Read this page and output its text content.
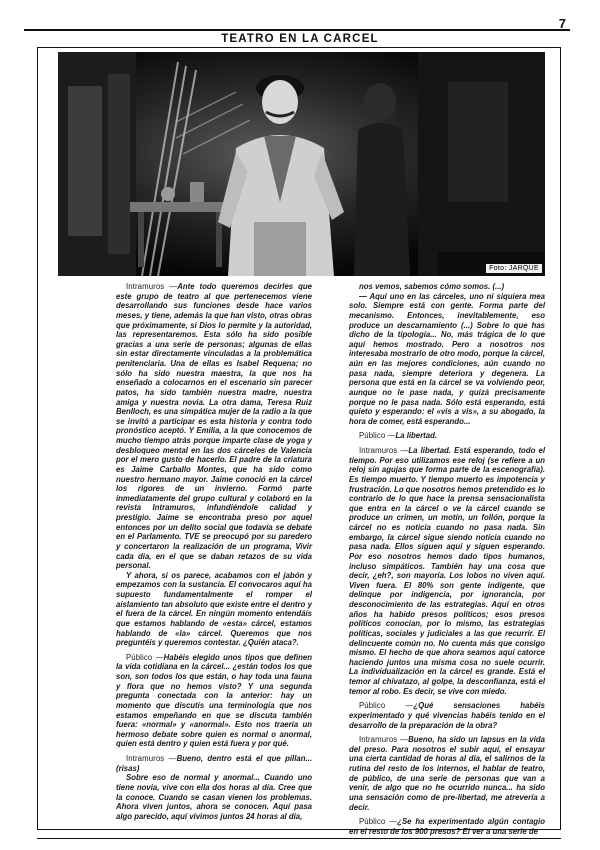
7
TEATRO EN LA CARCEL
Foto: JARQUE

Intramuros —Ante todo queremos decirles que este grupo de teatro al que pertenecemos viene desarrollando sus funciones desde hace varios meses, y tiene, además la que han visto, otras obras que próximamente, si Dios lo permite y la autoridad, las representaremos. Esta sólo ha sido posible gracias a una serie de personas; algunas de ellas sin estar directamente vinculadas a la problemática penitenciaria. Una de ellas es Isabel Requena; no sólo ha sido nuestra maestra, la que nos ha enseñado a colocarnos en el escenario sin parecer patos, ha sido también nuestra madre, nuestra amiga y nuestra novia. La otra dama, Teresa Ruiz Benlloch, es una simpática mujer de la radio a la que se invitó a participar es esta historia y contra todo pronóstico aceptó. Y Emilia, a la que conocemos de mucho tiempo atrás porque imparte clase de yoga y desbloqueo mental en las dos cárceles de Valencia por el mero gusto de hacerlo. El padre de la criatura es Jaime Carballo Montes, que ha sido como nuestro hermano mayor. Jaime conoció en la cárcel los rigores de un invierno. Formó parte inmediatamente del grupo cultural y colaboró en la revista Intramuros, infundiéndole calidad y prestigio. Jaime se encontraba preso por aquel entonces por un delito social que todavía se debate en el Parlamento. TVE se preocupó por su paredero y concertaron la realización de un programa, Vivir cada día, en el que se daban retazos de su vida personal.

Y ahora, si os parece, acabamos con el jabón y empezamos con la sustancia. El convocaros aquí ha supuesto fundamentalmente el romper el aislamiento tan absoluto que existe entre el dentro y el fuera de la cárcel. En ningún momento entendáis que estamos hablando de «esta» cárcel, estamos hablando de «la» cárcel. Queremos que nos preguntéis y queremos contestar. ¿Quién ataca?.

Público —Habéis elegido unos tipos que definen la vida cotidiana en la cárcel... ¿están todos los que son, son todos los que están, o hay toda una fauna y flora que no hemos visto? Y una segunda pregunta conectada con la anterior: hay un momento que discutís una terminología que nos estamos empeñando en que se discuta también fuera: «normal» y «anormal». Esto nos traería un hermoso debate sobre quien es normal o anormal, quien está dentro y quien está fuera y por qué.

Intramuros —Bueno, dentro está el que pillan...(risas)

Sobre eso de normal y anormal... Cuando uno tiene novia, vive con ella dos horas al día. Cree que la conoce. Cuando se casan vienen los problemas. Ahora viven juntos, ahora se conocen. Aquí pasa algo parecido, aquí vivimos juntos 24 horas al día,

nos vemos, sabemos cómo somos. (...)

— Aquí uno en las cárceles, uno ni siquiera mea solo. Siempre está con gente. Forma parte del mecanismo. Entonces, inevitablemente, eso produce un descarnamiento (...) Sobre lo que has dicho de la tipología... No, más trágica de lo que aquí hemos mostrado. Pero a nosotros nos interesaba mostrarlo de otro modo, porque la cárcel, aún en las mejores condiciones, aún cuando no pasa nada, siempre deteriora y degenera. La persona que está en la cárcel se va volviendo peor, aunque no le pase nada, y quizá precisamente porque no le pasa nada. Sólo está esperando, está quieto y esperando: el «vis a vis», a su abogado, la hora de comer, está esperando...

Público —La libertad.

Intramuros —La libertad. Está esperando, todo el tiempo. Por eso utilizamos ese reloj (se refiere a un reloj sin agujas que forma parte de la escenografía). Es tiempo muerto. Y tiempo muerto es impotencia y frustración. Lo que nosotros hemos pretendido es lo contrario de lo que hace la prensa sensacionalista que entra en la cárcel o ve la cárcel cuando se produce un crimen, un motín, un follón, porque la cárcel no es noticia cuando no pasa nada. Sin embargo, la cárcel sigue siendo noticia cuando no pasa nada. Ellos siguen aquí y siguen esperando. Por eso nosotros hemos dado tipos humanos, incluso simpáticos. También hay una cosa que decir, ¿eh?, son mayoría. Los lobos no viven aquí. Viven fuera. El 80% son gente indigente, que delinque por indigencia, por ignorancia, por desconocimiento de las estrategias. Aquí en otros años ha habido presos políticos; esos presos políticos conocían, por lo mismo, las estrategias políticas, sociales y judiciales a las que recurrir. El delincuente común no. No cuenta más que consigo mismo. El hecho de que ahora seamos aquí catorce haciendo juntos una misma cosa no suele ocurrir. La individualización en la cárcel es grande. Está el temor al chivatazo, al golpe, la desconfianza, está el temor al robo. Es decir, se vive con miedo.

Público —¿Qué sensaciones habéis experimentado y qué vivencias habéis tenido en el desarrollo de la preparación de la obra?

Intramuros —Bueno, ha sido un lapsus en la vida del preso. Para nosotros el subir aquí, el ensayar una cierta cantidad de horas al día, el salirnos de la rutina del resto de los internos, el hablar de teatro, de público, de una serie de personas que van a venir, de algo que no he ocurrido nunca... ha sido una sensación como de pre-libertad, me atrevería a decir.

Público —¿Se ha experimentado algún contagio en el resto de los 900 presos? El ver a una serie de
